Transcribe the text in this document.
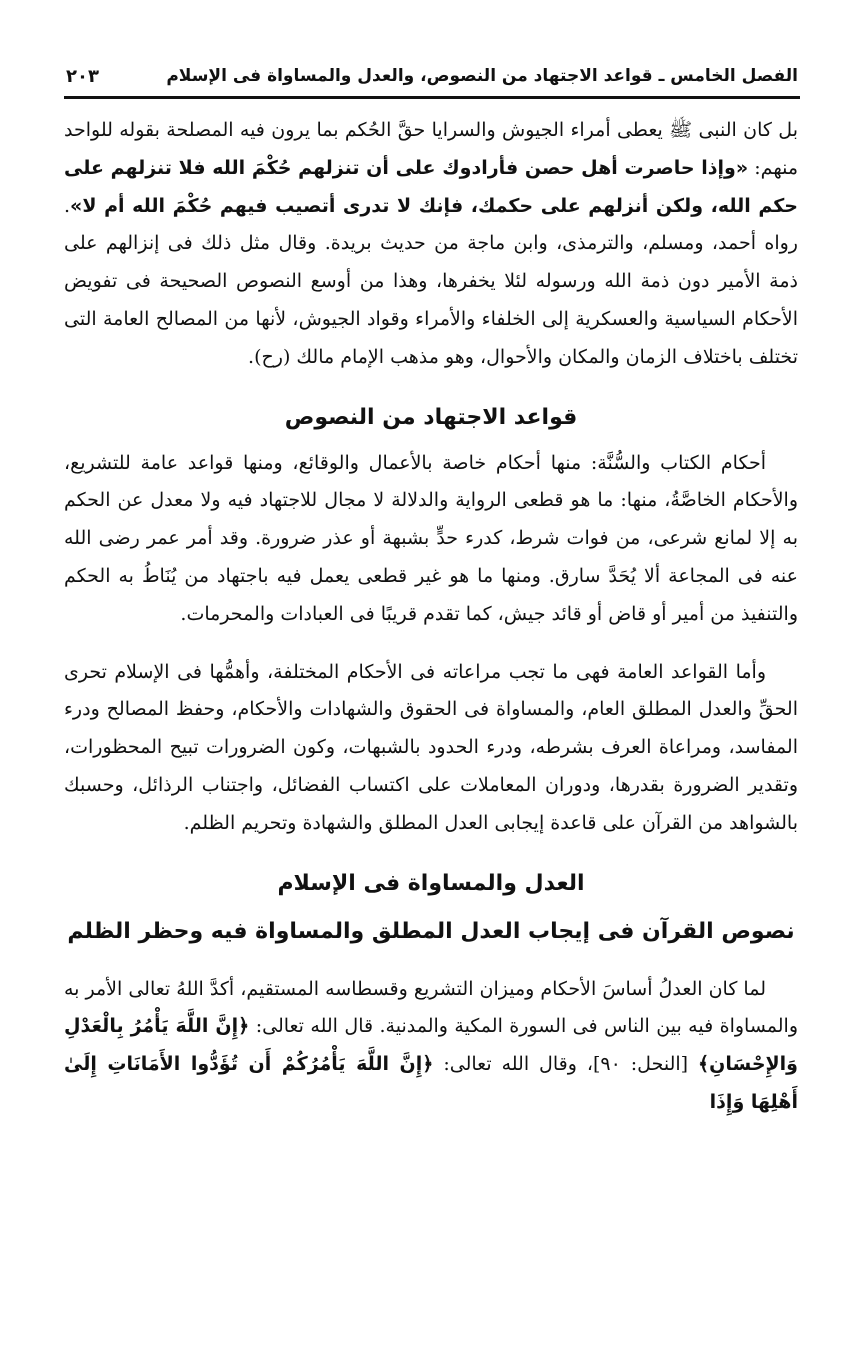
٢٠٣	الفصل الخامس ـ قواعد الاجتهاد من النصوص، والعدل والمساواة فى الإسلام

بل كان النبى ﷺ يعطى أمراء الجيوش والسرايا حقَّ الحُكم بما يرون فيه المصلحة بقوله للواحد منهم: «وإذا حاصرت أهل حصن فأرادوك على أن تنزلهم حُكْمَ الله فلا تنزلهم على حكم الله، ولكن أنزلهم على حكمك، فإنك لا تدرى أتصيب فيهم حُكْمَ الله أم لا». رواه أحمد، ومسلم، والترمذى، وابن ماجة من حديث بريدة. وقال مثل ذلك فى إنزالهم على ذمة الأمير دون ذمة الله ورسوله لئلا يخفرها، وهذا من أوسع النصوص الصحيحة فى تفويض الأحكام السياسية والعسكرية إلى الخلفاء والأمراء وقواد الجيوش، لأنها من المصالح العامة التى تختلف باختلاف الزمان والمكان والأحوال، وهو مذهب الإمام مالك (رح).

قواعد الاجتهاد من النصوص

أحكام الكتاب والسُّنَّة: منها أحكام خاصة بالأعمال والوقائع، ومنها قواعد عامة للتشريع، والأحكام الخاصَّةُ، منها: ما هو قطعى الرواية والدلالة لا مجال للاجتهاد فيه ولا معدل عن الحكم به إلا لمانع شرعى، من فوات شرط، كدرء حدٍّ بشبهة أو عذر ضرورة. وقد أمر عمر رضى الله عنه فى المجاعة ألا يُحَدَّ سارق. ومنها ما هو غير قطعى يعمل فيه باجتهاد من يُنَاطُ به الحكم والتنفيذ من أمير أو قاض أو قائد جيش، كما تقدم قريبًا فى العبادات والمحرمات.

وأما القواعد العامة فهى ما تجب مراعاته فى الأحكام المختلفة، وأهمُّها فى الإسلام تحرى الحقِّ والعدل المطلق العام، والمساواة فى الحقوق والشهادات والأحكام، وحفظ المصالح ودرء المفاسد، ومراعاة العرف بشرطه، ودرء الحدود بالشبهات، وكون الضرورات تبيح المحظورات، وتقدير الضرورة بقدرها، ودوران المعاملات على اكتساب الفضائل، واجتناب الرذائل، وحسبك بالشواهد من القرآن على قاعدة إيجابى العدل المطلق والشهادة وتحريم الظلم.

العدل والمساواة فى الإسلام
نصوص القرآن فى إيجاب العدل المطلق والمساواة فيه وحظر الظلم

لما كان العدلُ أساسَ الأحكام وميزان التشريع وقسطاسه المستقيم، أكدَّ اللهُ تعالى الأمر به والمساواة فيه بين الناس فى السورة المكية والمدنية. قال الله تعالى: ﴿إِنَّ اللَّهَ يَأْمُرُ بِالْعَدْلِ وَالإِحْسَانِ﴾ [النحل: ٩٠]، وقال الله تعالى: ﴿إِنَّ اللَّهَ يَأْمُرُكُمْ أَن تُؤَدُّوا الأَمَانَاتِ إِلَىٰ أَهْلِهَا وَإِذَا
